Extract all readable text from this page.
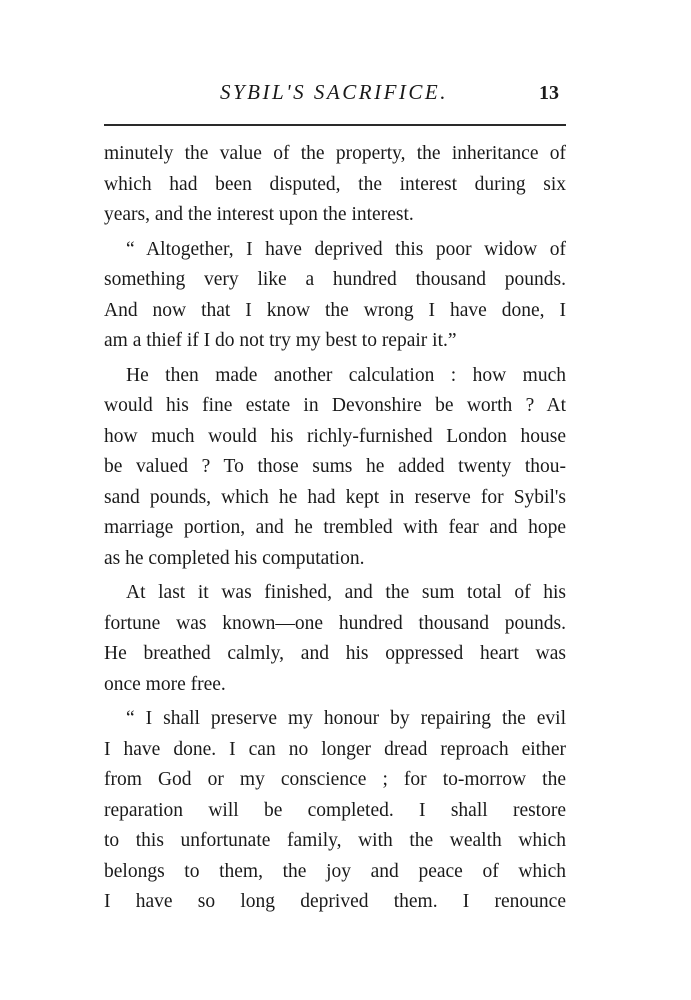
SYBIL'S SACRIFICE.	13
minutely the value of the property, the inheritance of
which had been disputed, the interest during six
years, and the interest upon the interest.
“ Altogether, I have deprived this poor widow of
something very like a hundred thousand pounds.
And now that I know the wrong I have done, I
am a thief if I do not try my best to repair it.”
He then made another calculation : how much
would his fine estate in Devonshire be worth ? At
how much would his richly-furnished London house
be valued ? To those sums he added twenty thou-
sand pounds, which he had kept in reserve for Sybil's
marriage portion, and he trembled with fear and hope
as he completed his computation.
At last it was finished, and the sum total of his
fortune was known—one hundred thousand pounds.
He breathed calmly, and his oppressed heart was
once more free.
“ I shall preserve my honour by repairing the evil
I have done. I can no longer dread reproach either
from God or my conscience ; for to-morrow the
reparation will be completed. I shall restore
to this unfortunate family, with the wealth which
belongs to them, the joy and peace of which
I have so long deprived them. I renounce
